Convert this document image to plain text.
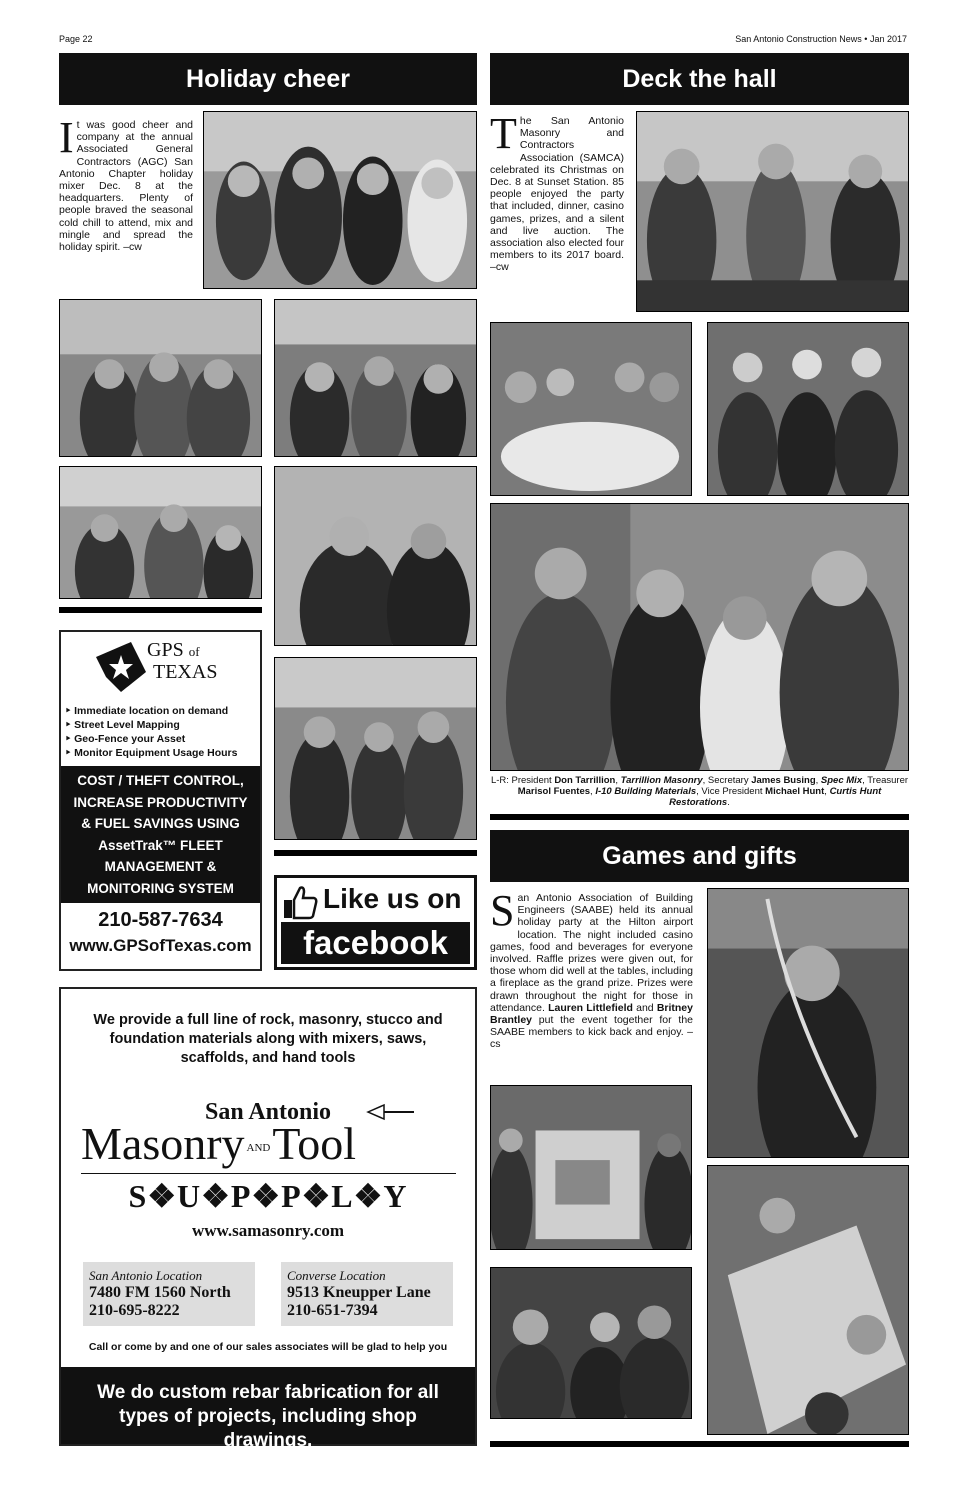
Page 22	San Antonio Construction News • Jan 2017
Holiday cheer
It was good cheer and company at the annual Associated General Contractors (AGC) San Antonio Chapter holiday mixer Dec. 8 at the headquarters. Plenty of people braved the seasonal cold chill to attend, mix and mingle and spread the holiday spirit. –cw
GPS of
TEXAS
‣ Immediate location on demand
‣ Street Level Mapping
‣ Geo-Fence your Asset
‣ Monitor Equipment Usage Hours
COST / THEFT CONTROL,
INCREASE PRODUCTIVITY
& FUEL SAVINGS USING
AssetTrak™ FLEET
MANAGEMENT &
MONITORING SYSTEM
210-587-7634
www.GPSofTexas.com
Like us on
facebook
We provide a full line of rock, masonry, stucco and foundation materials along with mixers, saws, scaffolds, and hand tools
San Antonio
Masonry ANDTool
S❖U❖P❖P❖L❖Y
www.samasonry.com
San Antonio Location
7480 FM 1560 North
210-695-8222
Converse Location
9513 Kneupper Lane
210-651-7394
Call or come by and one of our sales associates will be glad to help you
We do custom rebar fabrication for all types of projects, including shop drawings.
Deck the hall
The San Antonio Masonry and Contractors Association (SAMCA) celebrated its Christmas on Dec. 8 at Sunset Station. 85 people enjoyed the party that included, dinner, casino games, prizes, and a silent and live auction. The association also elected four members to its 2017 board. –cw
L-R: President Don Tarrillion, Tarrillion Masonry, Secretary James Busing, Spec Mix, Treasurer Marisol Fuentes, I-10 Building Materials, Vice President Michael Hunt, Curtis Hunt Restorations.
Games and gifts
San Antonio Association of Building Engineers (SAABE) held its annual holiday party at the Hilton airport location. The night included casino games, food and beverages for everyone involved. Raffle prizes were given out, for those whom did well at the tables, including a fireplace as the grand prize. Prizes were drawn throughout the night for those in attendance. Lauren Littlefield and Britney Brantley put the event together for the SAABE members to kick back and enjoy. –cs
